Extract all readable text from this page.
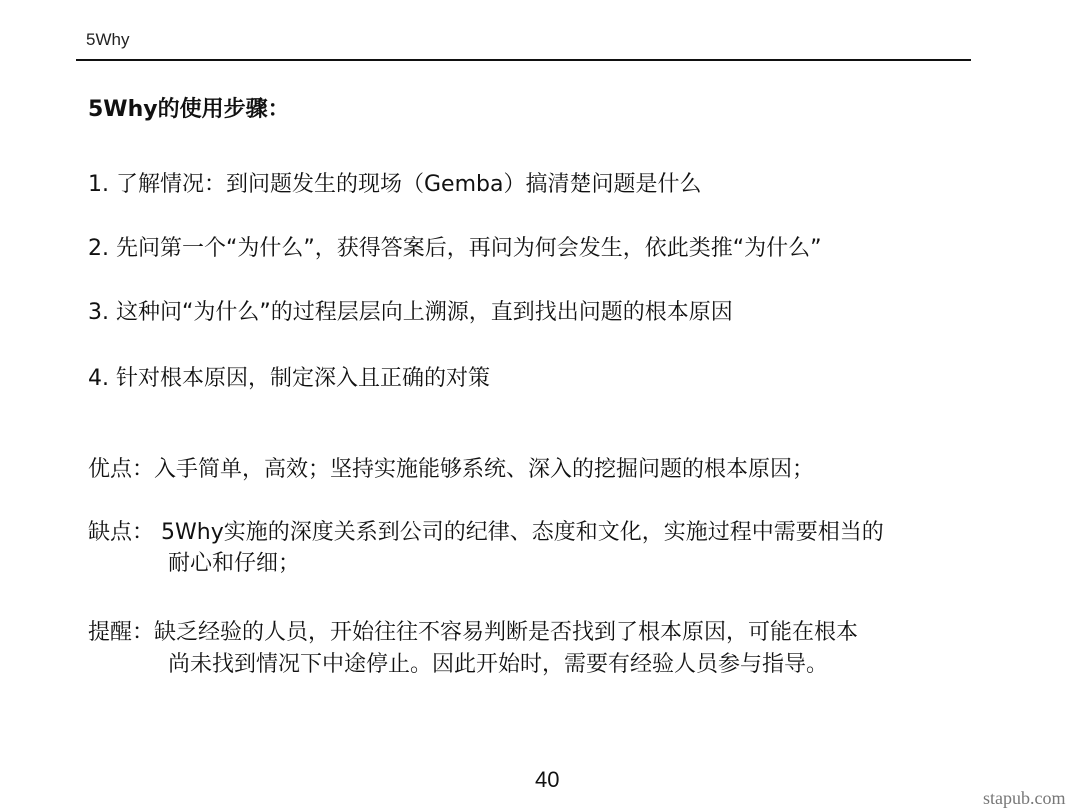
5Why
5Why的使用步骤：
1. 了解情况：到问题发生的现场（Gemba）搞清楚问题是什么
2. 先问第一个“为什么”，获得答案后，再问为何会发生，依此类推“为什么”
3. 这种问“为什么”的过程层层向上溯源，直到找出问题的根本原因
4. 针对根本原因，制定深入且正确的对策
优点：入手简单，高效；坚持实施能够系统、深入的挖掘问题的根本原因；
缺点： 5Why实施的深度关系到公司的纪律、态度和文化，实施过程中需要相当的
耐心和仔细；
提醒：缺乏经验的人员，开始往往不容易判断是否找到了根本原因，可能在根本
尚未找到情况下中途停止。因此开始时，需要有经验人员参与指导。
40
stapub.com
